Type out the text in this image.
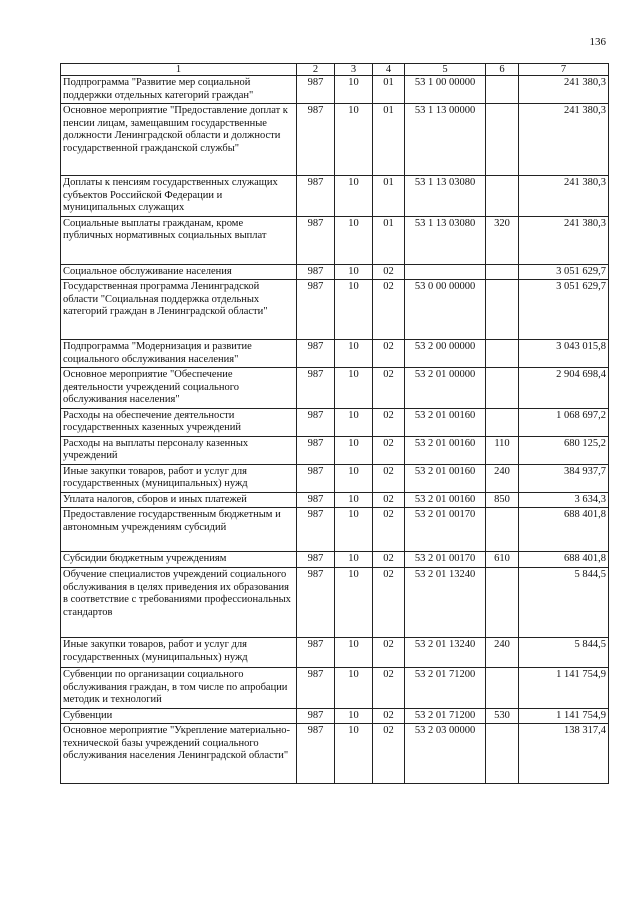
136
1	2	3	4	5	6	7
Подпрограмма "Развитие мер социальной поддержки отдельных категорий граждан"	987	10	01	53 1 00 00000		241 380,3
Основное мероприятие "Предоставление доплат к пенсии лицам, замещавшим государственные должности Ленинградской области и должности государственной гражданской службы"	987	10	01	53 1 13 00000		241 380,3
Доплаты к пенсиям государственных служащих субъектов Российской Федерации и муниципальных служащих	987	10	01	53 1 13 03080		241 380,3
Социальные выплаты гражданам, кроме публичных нормативных социальных выплат	987	10	01	53 1 13 03080	320	241 380,3
Социальное обслуживание населения	987	10	02			3 051 629,7
Государственная программа Ленинградской области "Социальная поддержка отдельных категорий граждан в Ленинградской области"	987	10	02	53 0 00 00000		3 051 629,7
Подпрограмма "Модернизация и развитие социального обслуживания населения"	987	10	02	53 2 00 00000		3 043 015,8
Основное мероприятие "Обеспечение деятельности учреждений социального обслуживания населения"	987	10	02	53 2 01 00000		2 904 698,4
Расходы на обеспечение деятельности государственных казенных учреждений	987	10	02	53 2 01 00160		1 068 697,2
Расходы на выплаты персоналу казенных учреждений	987	10	02	53 2 01 00160	110	680 125,2
Иные закупки товаров, работ и услуг для государственных (муниципальных) нужд	987	10	02	53 2 01 00160	240	384 937,7
Уплата налогов, сборов и иных платежей	987	10	02	53 2 01 00160	850	3 634,3
Предоставление государственным бюджетным и автономным учреждениям субсидий	987	10	02	53 2 01 00170		688 401,8
Субсидии бюджетным учреждениям	987	10	02	53 2 01 00170	610	688 401,8
Обучение специалистов учреждений социального обслуживания в целях приведения их образования в соответствие с требованиями профессиональных стандартов	987	10	02	53 2 01 13240		5 844,5
Иные закупки товаров, работ и услуг для государственных (муниципальных) нужд	987	10	02	53 2 01 13240	240	5 844,5
Субвенции по организации социального обслуживания граждан, в том числе по апробации методик и технологий	987	10	02	53 2 01 71200		1 141 754,9
Субвенции	987	10	02	53 2 01 71200	530	1 141 754,9
Основное мероприятие "Укрепление материально-технической базы учреждений социального обслуживания населения Ленинградской области"	987	10	02	53 2 03 00000		138 317,4
